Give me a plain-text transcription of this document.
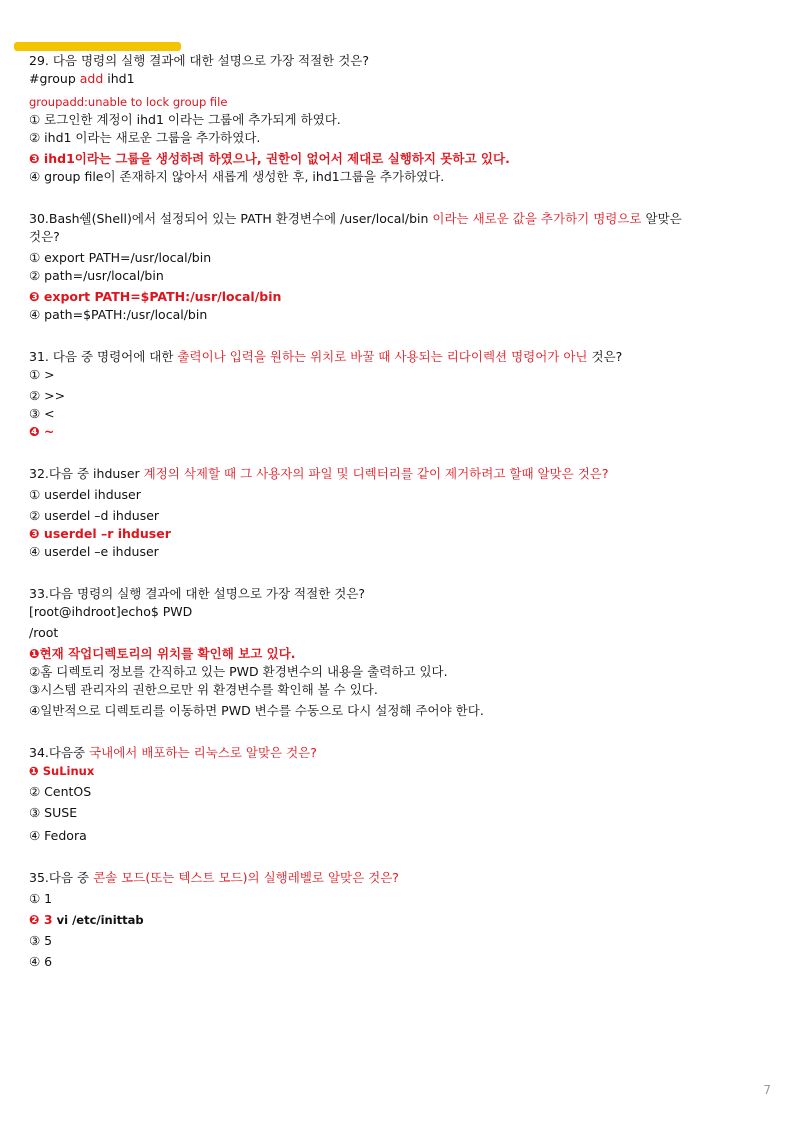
29. 다음 명령의 실행 결과에 대한 설명으로 가장 적절한 것은?

#group add ihd1

groupadd:unable to lock group file

① 로그인한 계정이 ihd1 이라는 그룹에 추가되게 하였다.

② ihd1 이라는 새로운 그룹을 추가하였다.

❸ ihd1이라는 그룹을 생성하려 하였으나, 권한이 없어서 제대로 실행하지 못하고 있다.

④ group file이 존재하지 않아서 새롭게 생성한 후, ihd1그룹을 추가하였다.

30.Bash쉘(Shell)에서 설정되어 있는 PATH 환경변수에 /user/local/bin 이라는 새로운 값을 추가하기 명령으로 알맞은

것은?

① export PATH=/usr/local/bin

② path=/usr/local/bin

❸ export PATH=$PATH:/usr/local/bin

④ path=$PATH:/usr/local/bin

31. 다음 중 명령어에 대한 출력이나 입력을 원하는 위치로 바꿀 때 사용되는 리다이렉션 명령어가 아닌 것은?

① >

② >>

③ <

❹ ~

32.다음 중 ihduser 계정의 삭제할 때 그 사용자의 파일 및 디렉터리를 같이 제거하려고 할때 알맞은 것은?

① userdel ihduser

② userdel –d ihduser

❸ userdel –r ihduser

④ userdel –e ihduser

33.다음 명령의 실행 결과에 대한 설명으로 가장 적절한 것은?

[root@ihdroot]echo$ PWD

/root

❶현재 작업디렉토리의 위치를 확인해 보고 있다.

②홈 디렉토리 정보를 간직하고 있는 PWD 환경변수의 내용을 출력하고 있다.

③시스템 관리자의 권한으로만 위 환경변수를 확인해 볼 수 있다.

④일반적으로 디렉토리를 이동하면 PWD 변수를 수동으로 다시 설정해 주어야 한다.

34.다음중 국내에서 배포하는 리눅스로 알맞은 것은?

❶ SuLinux

② CentOS

③ SUSE

④ Fedora

35.다음 중 콘솔 모드(또는 텍스트 모드)의 실행레벨로 알맞은 것은?

① 1

❷ 3 vi /etc/inittab

③ 5

④ 6

7
